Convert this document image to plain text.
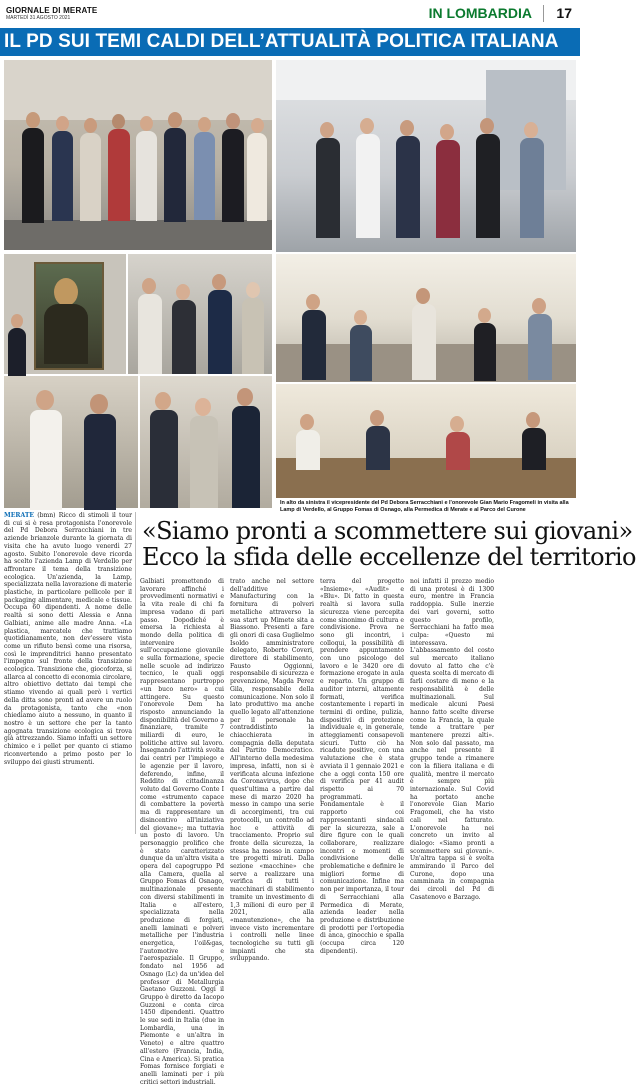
GIORNALE DI MERATE
MARTEDÌ 31 AGOSTO 2021	IN LOMBARDIA 17
IL PD SUI TEMI CALDI DELL’ATTUALITÀ POLITICA ITALIANA
In alto da sinistra il vicepresidente del Pd Debora Serracchiani e l'onorevole Gian Mario Fragomeli in visita alla Lamp di Verdello, al Gruppo Fomas di Osnago, alla Permedica di Merate e al Parco del Curone
«Siamo pronti a scommettere sui giovani»
Ecco la sfida delle eccellenze del territorio
MERATE (bmn) Ricco di stimoli il tour di cui si è resa protagonista l'onorevole del Pd Debora Serracchiani in tre aziende brianzole durante la giornata di visita che ha avuto luogo venerdì 27 agosto. Subito l'onorevole deve ricorda ha scelto l'azienda Lamp di Verdello per affrontare il tema della transizione ecologica. Un'azienda, la Lamp, specializzata nella lavorazione di materie plastiche, in particolare pellicole per il packaging alimentare, medicale e tissue. Occupa 60 dipendenti. A nome delle realtà si sono detti Alessia e Anna Galbiati, anime alle madre Anna. «La plastica, marcatele che trattiamo quotidianamente, non dev'essere vista come un rifiuto bensì come una risorsa, così le imprenditrici hanno presentato l'impegno sul fronte della transizione ecologica. Transizione che, giocoforza, si allarca al concetto di economia circolare, altro obiettivo dettato dai tempi che stiamo vivendo ai quali però i vertici della ditta sono pronti ad avere un ruolo da protagonista, tanto che «non chiediamo aiuto a nessuno, in quanto il nostro è un settore che per la tanto agognata transizione ecologica si trova già attrezzando. Siamo infatti un settore chimico e i pellet per quanto ci stiamo riconvertendo a primo posto per lo sviluppo dei giusti strumenti.
Galbiati promettendo di lavorare affinché i provvedimenti normativi e la vita reale di chi fa impresa vadano di pari passo. Dopodiché è emersa la richiesta al mondo della politica di intervenire sull'occupazione giovanile e sulla formazione, specie nelle scuole ad indirizzo tecnico, le quali oggi rappresentano purtroppo «un buco nero» a cui attingere. Su questo l'onorevole Dem ha risposto annunciando la disponibilità del Governo a finanziare, tramite 7 miliardi di euro, le politiche attive sul lavoro. Insegnando l'attività svolta dai centri per l'impiego e le agenzie per il lavoro, deferendo, infine, il Reddito di cittadinanza voluto dal Governo Conte I come «strumento capace di combattere la povertà ma di rappresentare un disincentivo all'iniziativa del giovane»; ma tuttavia un posto di lavoro. Un personaggio prolifico che è stato caratterizzato dunque da un'altra visita a opera del capogruppo Pd alla Camera, quella al Gruppo Fomas di Osnago, multinazionale presente con diversi stabilimenti in Italia e all'estero, specializzata nella produzione di forgiati, anelli laminati e polveri metalliche per l'industria energetica, l'oil&gas, l'automotive e l'aerospaziale. Il Gruppo, fondato nel 1956 ad Osnago (Lc) da un'idea del professor di Metallurgia Gaetano Guzzoni. Oggi il Gruppo è diretto da Iacopo Guzzoni e conta circa 1450 dipendenti. Quattro le sue sedi in Italia (due in Lombardia, una in Piemonte e un'altra in Veneto) e altre quattro all'estero (Francia, India, Cina e America). Si pratica Fomas fornisce forgiati e anelli laminati per i più critici settori industriali.
trato anche nel settore dell'additive Manufacturing con la fornitura di polveri metalliche attraverso la sua start up Mimete sita a Biassono. Presenti a fare gli onori di casa Guglielmo Isoldo amministratore delegato, Roberto Coveri, direttore di stabilimento, Fausto Oggionni, responsabile di sicurezza e prevenzione, Magda Perez Gila, responsabile della comunicazione. Non solo il lato produttivo ma anche quello legato all'attenzione per il personale ha contraddistinto la chiacchierata in compagnia della deputata del Partito Democratico. All'interno della medesima impresa, infatti, non si è verificata alcuna infezione da Coronavirus, dopo che quest'ultima a partire dal mese di marzo 2020 ha messo in campo una serie di accorgimenti, tra cui protocolli, un controllo ad hoc e attività di tracciamento. Proprio sul fronte della sicurezza, la stessa ha messo in campo tre progetti mirati. Dalla sezione «macchine» che serve a realizzare una verifica di tutti i macchinari di stabilimento tramite un investimento di 1,3 milioni di euro per il 2021, alla «manutenzione», che ha invece visto incrementare i controlli nelle linee tecnologiche su tutti gli impianti che sta sviluppando.
terra del progetto «Insieme», «Audit» e «Blu». Di fatto in questa realtà si lavora sulla sicurezza viene percepita come sinonimo di cultura e condivisione. Prova ne sono gli incontri, i colloqui, la possibilità di prendere appuntamento con uno psicologo del lavoro e le 3420 ore di formazione erogate in aula e reparto. Un gruppo di auditor interni, altamente formati, verifica costantemente i reparti in termini di ordine, pulizia, dispositivi di protezione individuale e, in generale, atteggiamenti consapevoli sicuri. Tutto ciò ha ricadute positive, con una valutazione che è stata avviata il 1 gennaio 2021 e che a oggi conta 150 ore di verifica per 41 audit rispetto ai 70 programmati. Fondamentale è il rapporto coi rappresentanti sindacali per la sicurezza, sale a dire figure con le quali collaborare, realizzare incontri e momenti di condivisione delle problematiche e definire le migliori forme di comunicazione. Infine ma non per importanza, il tour di Serracchiani alla Permedica di Merate, azienda leader nella produzione e distribuzione di prodotti per l'ortopedia di anca, ginocchio e spalla (occupa circa 120 dipendenti).
noi infatti il prezzo medio di una protesi è di 1300 euro, mentre in Francia raddoppia. Sulle inerzie dei vari governi, sotto questo profilo, Serracchiani ha fatto mea culpa: «Questo mi interessava. L'abbassamento del costo sul mercato italiano dovuto al fatto che c'è questa scelta di mercato di farli costare di meno e la responsabilità è delle multinazionali. Sul medicale alcuni Paesi hanno fatto scelte diverse come la Francia, la quale tende a trattare per mantenere prezzi alti». Non solo dal passato, ma anche nel presente il gruppo tende a rimanere con la filiera italiana e di qualità, mentre il mercato è sempre più internazionale. Sul Covid ha portato anche l'onorevole Gian Mario Fragomeli, che ha visto cali nel fatturato. L'onorevole ha nei concreto un invito al dialogo: «Siamo pronti a scommettere sui giovani». Un'altra tappa si è svolta ammirando il Parco del Curone, dopo una camminata in compagnia dei circoli del Pd di Casatenovo e Barzago.
